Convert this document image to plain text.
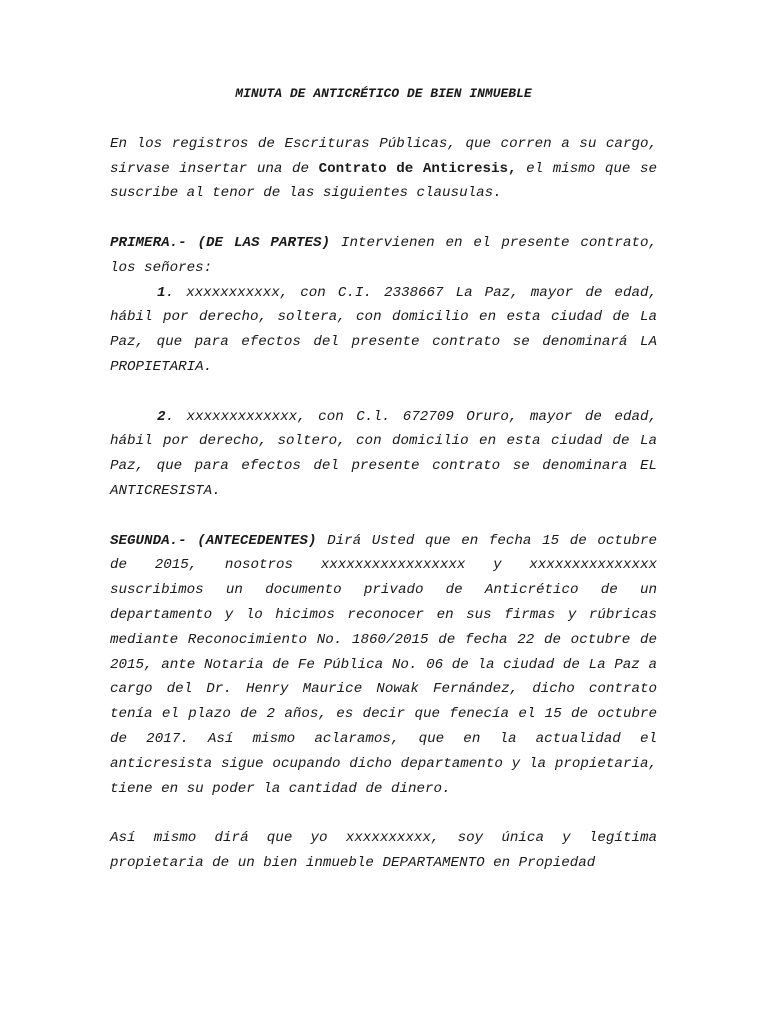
MINUTA DE ANTICRÉTICO DE BIEN INMUEBLE

En los registros de Escrituras Públicas, que corren a su cargo, sirvase insertar una de Contrato de Anticresis, el mismo que se suscribe al tenor de las siguientes clausulas.

PRIMERA.- (DE LAS PARTES) Intervienen en el presente contrato, los señores:

1. xxxxxxxxxxx, con C.I. 2338667 La Paz, mayor de edad, hábil por derecho, soltera, con domicilio en esta ciudad de La Paz, que para efectos del presente contrato se denominará LA PROPIETARIA.

2. xxxxxxxxxxxxx, con C.l. 672709 Oruro, mayor de edad, hábil por derecho, soltero, con domicilio en esta ciudad de La Paz, que para efectos del presente contrato se denominara EL ANTICRESISTA.

SEGUNDA.- (ANTECEDENTES) Dirá Usted que en fecha 15 de octubre de 2015, nosotros xxxxxxxxxxxxxxxxx y xxxxxxxxxxxxxxx suscribimos un documento privado de Anticrético de un departamento y lo hicimos reconocer en sus firmas y rúbricas mediante Reconocimiento No. 1860/2015 de fecha 22 de octubre de 2015, ante Notaria de Fe Pública No. 06 de la ciudad de La Paz a cargo del Dr. Henry Maurice Nowak Fernández, dicho contrato tenía el plazo de 2 años, es decir que fenecía el 15 de octubre de 2017. Así mismo aclaramos, que en la actualidad el anticresista sigue ocupando dicho departamento y la propietaria, tiene en su poder la cantidad de dinero.

Así mismo dirá que yo xxxxxxxxxx, soy única y legítima propietaria de un bien inmueble DEPARTAMENTO en Propiedad
